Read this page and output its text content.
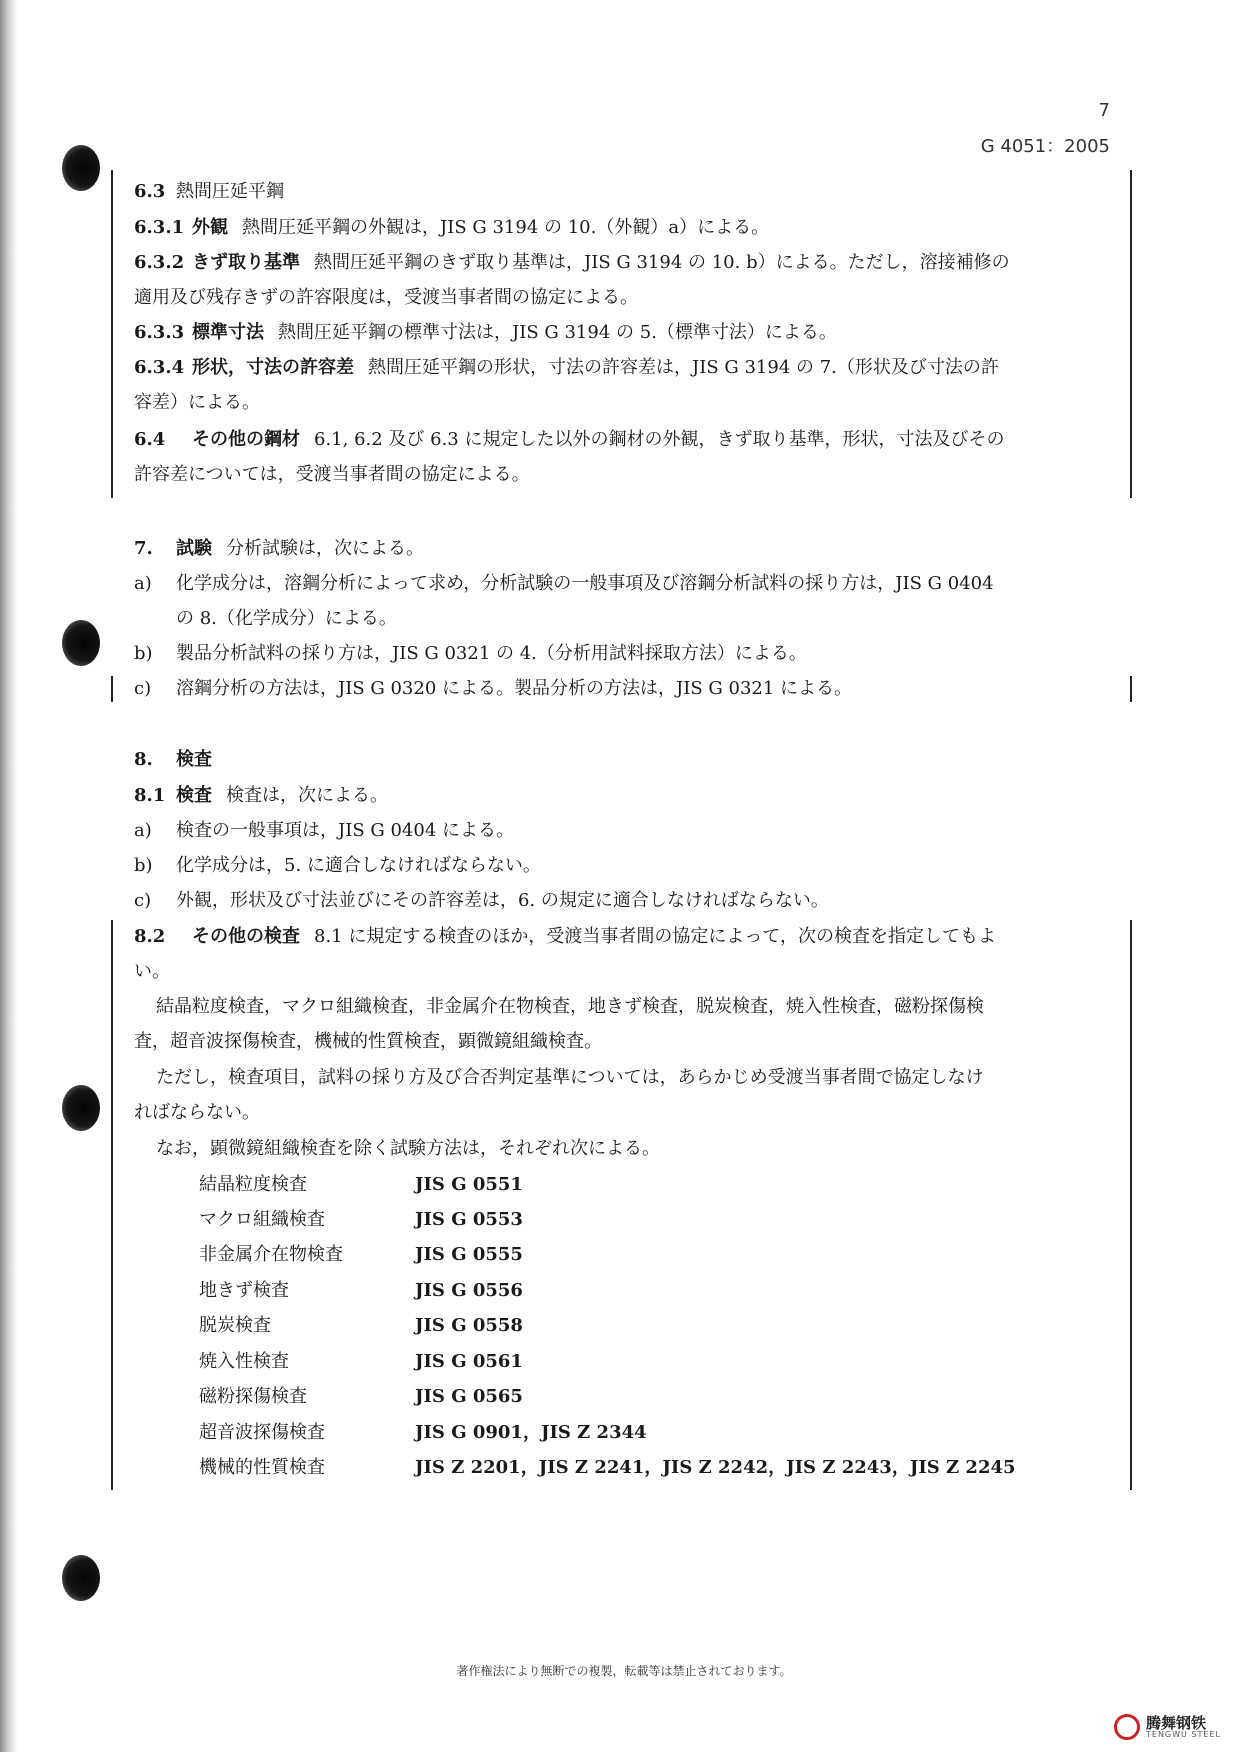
7
G 4051：2005
6.3 熱間圧延平鋼
6.3.1 外観 熱間圧延平鋼の外観は，JIS G 3194 の 10.（外観）a）による。
6.3.2 きず取り基準 熱間圧延平鋼のきず取り基準は，JIS G 3194 の 10. b）による。ただし，溶接補修の
適用及び残存きずの許容限度は，受渡当事者間の協定による。
6.3.3 標準寸法 熱間圧延平鋼の標準寸法は，JIS G 3194 の 5.（標準寸法）による。
6.3.4 形状，寸法の許容差 熱間圧延平鋼の形状，寸法の許容差は，JIS G 3194 の 7.（形状及び寸法の許
容差）による。
6.4 その他の鋼材 6.1, 6.2 及び 6.3 に規定した以外の鋼材の外観，きず取り基準，形状，寸法及びその
許容差については，受渡当事者間の協定による。
7. 試験 分析試験は，次による。
a) 化学成分は，溶鋼分析によって求め，分析試験の一般事項及び溶鋼分析試料の採り方は，JIS G 0404
の 8.（化学成分）による。
b) 製品分析試料の採り方は，JIS G 0321 の 4.（分析用試料採取方法）による。
c) 溶鋼分析の方法は，JIS G 0320 による。製品分析の方法は，JIS G 0321 による。
8. 検査
8.1 検査 検査は，次による。
a) 検査の一般事項は，JIS G 0404 による。
b) 化学成分は，5. に適合しなければならない。
c) 外観，形状及び寸法並びにその許容差は，6. の規定に適合しなければならない。
8.2 その他の検査 8.1 に規定する検査のほか，受渡当事者間の協定によって，次の検査を指定してもよ
い。
結晶粒度検査，マクロ組織検査，非金属介在物検査，地きず検査，脱炭検査，焼入性検査，磁粉探傷検
査，超音波探傷検査，機械的性質検査，顕微鏡組織検査。
ただし，検査項目，試料の採り方及び合否判定基準については，あらかじめ受渡当事者間で協定しなけ
ればならない。
なお，顕微鏡組織検査を除く試験方法は，それぞれ次による。
結晶粒度検査	JIS G 0551
マクロ組織検査	JIS G 0553
非金属介在物検査	JIS G 0555
地きず検査	JIS G 0556
脱炭検査	JIS G 0558
焼入性検査	JIS G 0561
磁粉探傷検査	JIS G 0565
超音波探傷検査	JIS G 0901，JIS Z 2344
機械的性質検査	JIS Z 2201，JIS Z 2241，JIS Z 2242，JIS Z 2243，JIS Z 2245
著作権法により無断での複製，転載等は禁止されております。
腾舞钢铁
TENGWU STEEL
